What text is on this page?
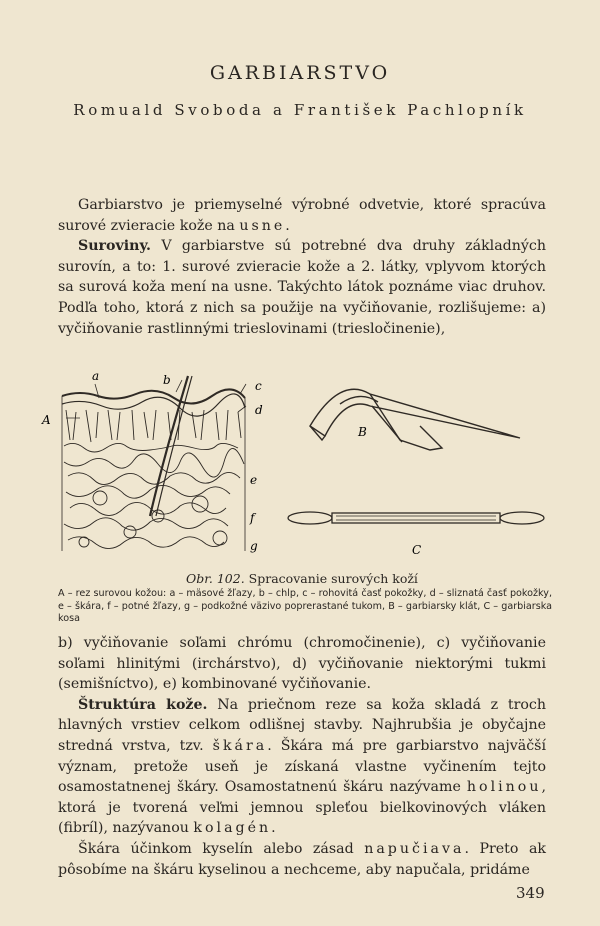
GARBIARSTVO
Romuald Svoboda a František Pachlopník

Garbiarstvo je priemyselné výrobné odvetvie, ktoré spracúva surové zvieracie kože na usne.

Suroviny. V garbiarstve sú potrebné dva druhy základných surovín, a to: 1. surové zvieracie kože a 2. látky, vplyvom ktorých sa surová koža mení na usne. Takýchto látok poznáme viac druhov. Podľa toho, ktorá z nich sa použije na vyčiňovanie, rozlišujeme: a) vyčiňovanie rastlinnými trieslovinami (triesločinenie),

a	b	c
d
A
e
f
g
B
C
Obr. 102. Spracovanie surových koží
A – rez surovou kožou: a – mäsové žľazy, b – chlp, c – rohovitá časť pokožky, d – sliznatá časť pokožky, e – škára, f – potné žľazy, g – podkožné väzivo poprerastané tukom, B – garbiarsky klát, C – garbiarska kosa

b) vyčiňovanie soľami chrómu (chromočinenie), c) vyčiňovanie soľami hlinitými (irchárstvo), d) vyčiňovanie niektorými tukmi (semišníctvo), e) kombinované vyčiňovanie.

Štruktúra kože. Na priečnom reze sa koža skladá z troch hlavných vrstiev celkom odlišnej stavby. Najhrubšia je obyčajne stredná vrstva, tzv. škára. Škára má pre garbiarstvo najväčší význam, pretože useň je získaná vlastne vyčinením tejto osamostatnenej škáry. Osamostatnenú škáru nazývame holinou, ktorá je tvorená veľmi jemnou spleťou bielkovinových vláken (fibríl), nazývanou kolagén.

Škára účinkom kyselín alebo zásad napučiava. Preto ak pôsobíme na škáru kyselinou a nechceme, aby napučala, pridáme

349
